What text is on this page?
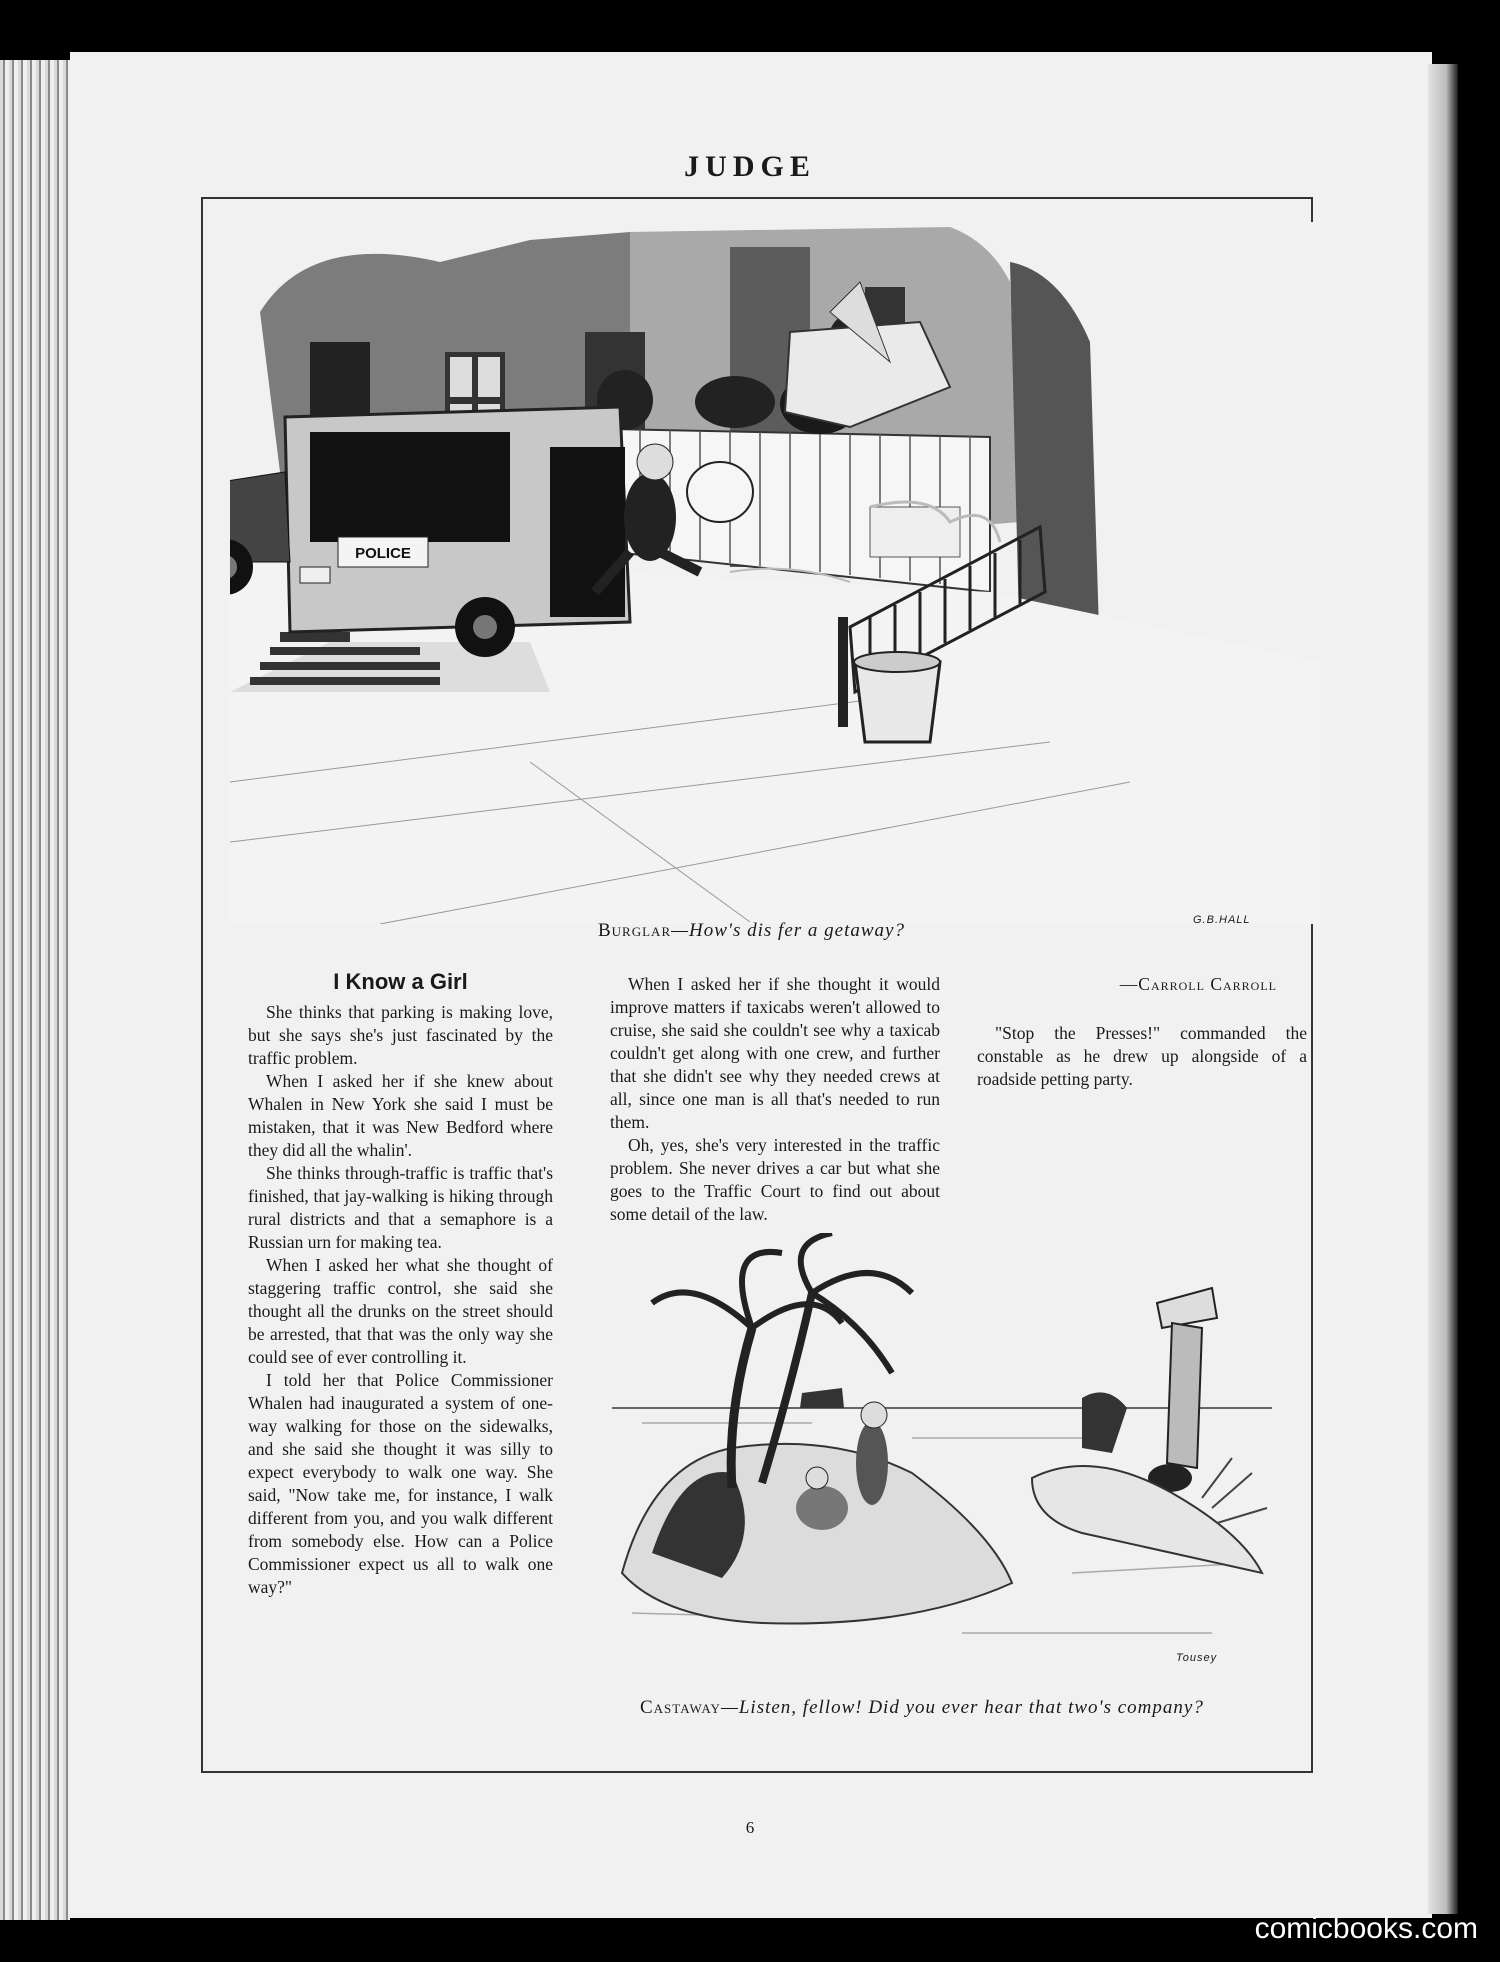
JUDGE
POLICE
G.B.HALL
Burglar—How's dis fer a getaway?
I Know a Girl

She thinks that parking is making love, but she says she's just fascinated by the traffic problem.

When I asked her if she knew about Whalen in New York she said I must be mistaken, that it was New Bedford where they did all the whalin'.

She thinks through-traffic is traffic that's finished, that jay-walking is hiking through rural districts and that a semaphore is a Russian urn for making tea.

When I asked her what she thought of staggering traffic control, she said she thought all the drunks on the street should be arrested, that that was the only way she could see of ever controlling it.

I told her that Police Commissioner Whalen had inaugurated a system of one-way walking for those on the sidewalks, and she said she thought it was silly to expect everybody to walk one way. She said, "Now take me, for instance, I walk different from you, and you walk different from somebody else. How can a Police Commissioner expect us all to walk one way?"

When I asked her if she thought it would improve matters if taxicabs weren't allowed to cruise, she said she couldn't see why a taxicab couldn't get along with one crew, and further that she didn't see why they needed crews at all, since one man is all that's needed to run them.

Oh, yes, she's very interested in the traffic problem. She never drives a car but what she goes to the Traffic Court to find out about some detail of the law.

—Carroll Carroll

"Stop the Presses!" commanded the constable as he drew up alongside of a roadside petting party.

Tousey
Castaway—Listen, fellow! Did you ever hear that two's company?
6
comicbooks.com
